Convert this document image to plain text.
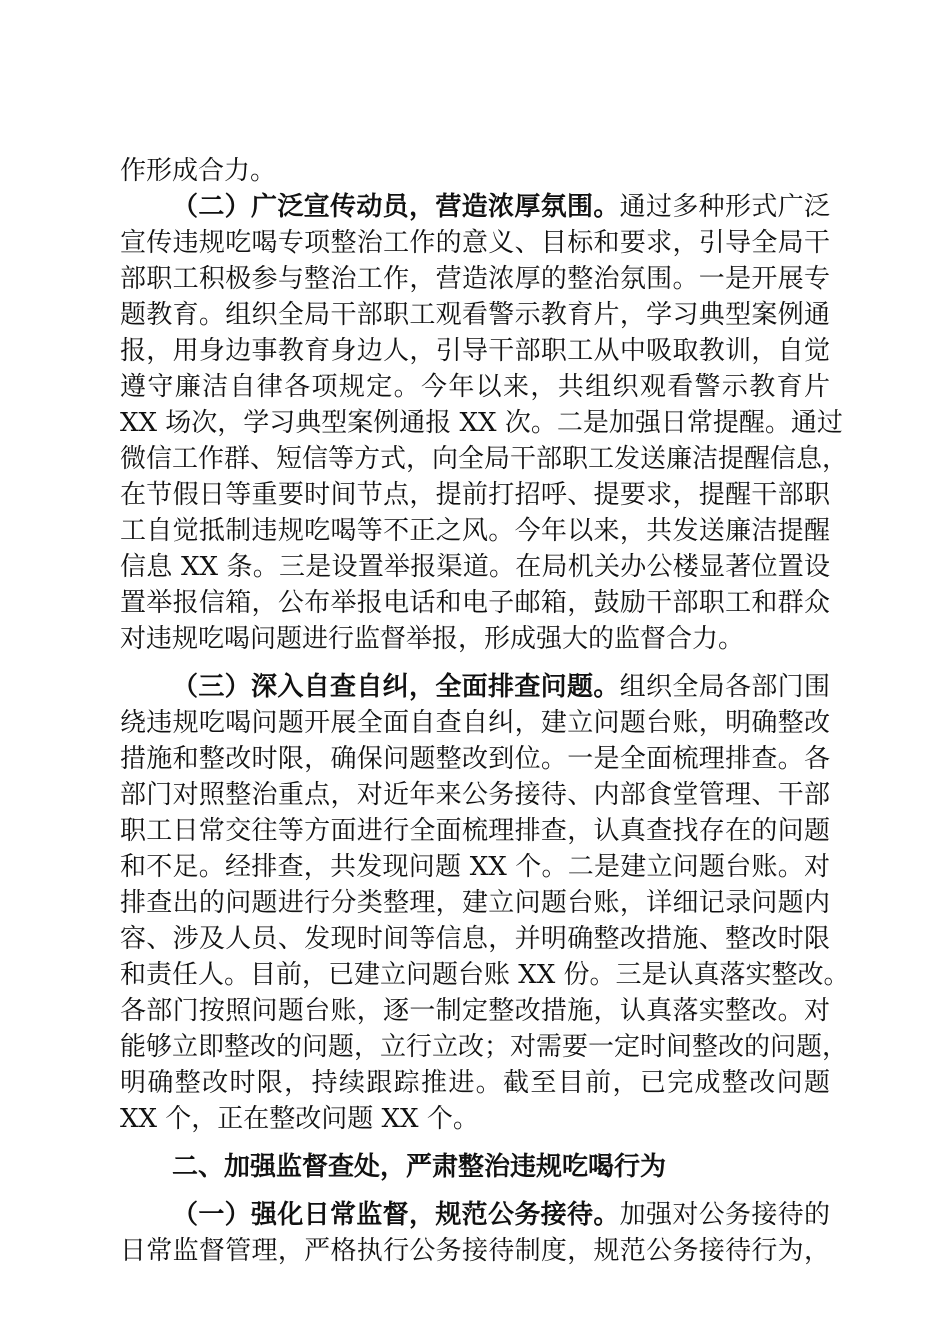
作形成合力。
（二）广泛宣传动员，营造浓厚氛围。通过多种形式广泛
宣传违规吃喝专项整治工作的意义、目标和要求，引导全局干
部职工积极参与整治工作，营造浓厚的整治氛围。一是开展专
题教育。组织全局干部职工观看警示教育片，学习典型案例通
报，用身边事教育身边人，引导干部职工从中吸取教训，自觉
遵守廉洁自律各项规定。今年以来，共组织观看警示教育片
XX 场次，学习典型案例通报 XX 次。二是加强日常提醒。通过
微信工作群、短信等方式，向全局干部职工发送廉洁提醒信息，
在节假日等重要时间节点，提前打招呼、提要求，提醒干部职
工自觉抵制违规吃喝等不正之风。今年以来，共发送廉洁提醒
信息 XX 条。三是设置举报渠道。在局机关办公楼显著位置设
置举报信箱，公布举报电话和电子邮箱，鼓励干部职工和群众
对违规吃喝问题进行监督举报，形成强大的监督合力。
（三）深入自查自纠，全面排查问题。组织全局各部门围
绕违规吃喝问题开展全面自查自纠，建立问题台账，明确整改
措施和整改时限，确保问题整改到位。一是全面梳理排查。各
部门对照整治重点，对近年来公务接待、内部食堂管理、干部
职工日常交往等方面进行全面梳理排查，认真查找存在的问题
和不足。经排查，共发现问题 XX 个。二是建立问题台账。对
排查出的问题进行分类整理，建立问题台账，详细记录问题内
容、涉及人员、发现时间等信息，并明确整改措施、整改时限
和责任人。目前，已建立问题台账 XX 份。三是认真落实整改。
各部门按照问题台账，逐一制定整改措施，认真落实整改。对
能够立即整改的问题，立行立改；对需要一定时间整改的问题，
明确整改时限，持续跟踪推进。截至目前，已完成整改问题
XX 个，正在整改问题 XX 个。
二、加强监督查处，严肃整治违规吃喝行为
（一）强化日常监督，规范公务接待。加强对公务接待的
日常监督管理，严格执行公务接待制度，规范公务接待行为，
